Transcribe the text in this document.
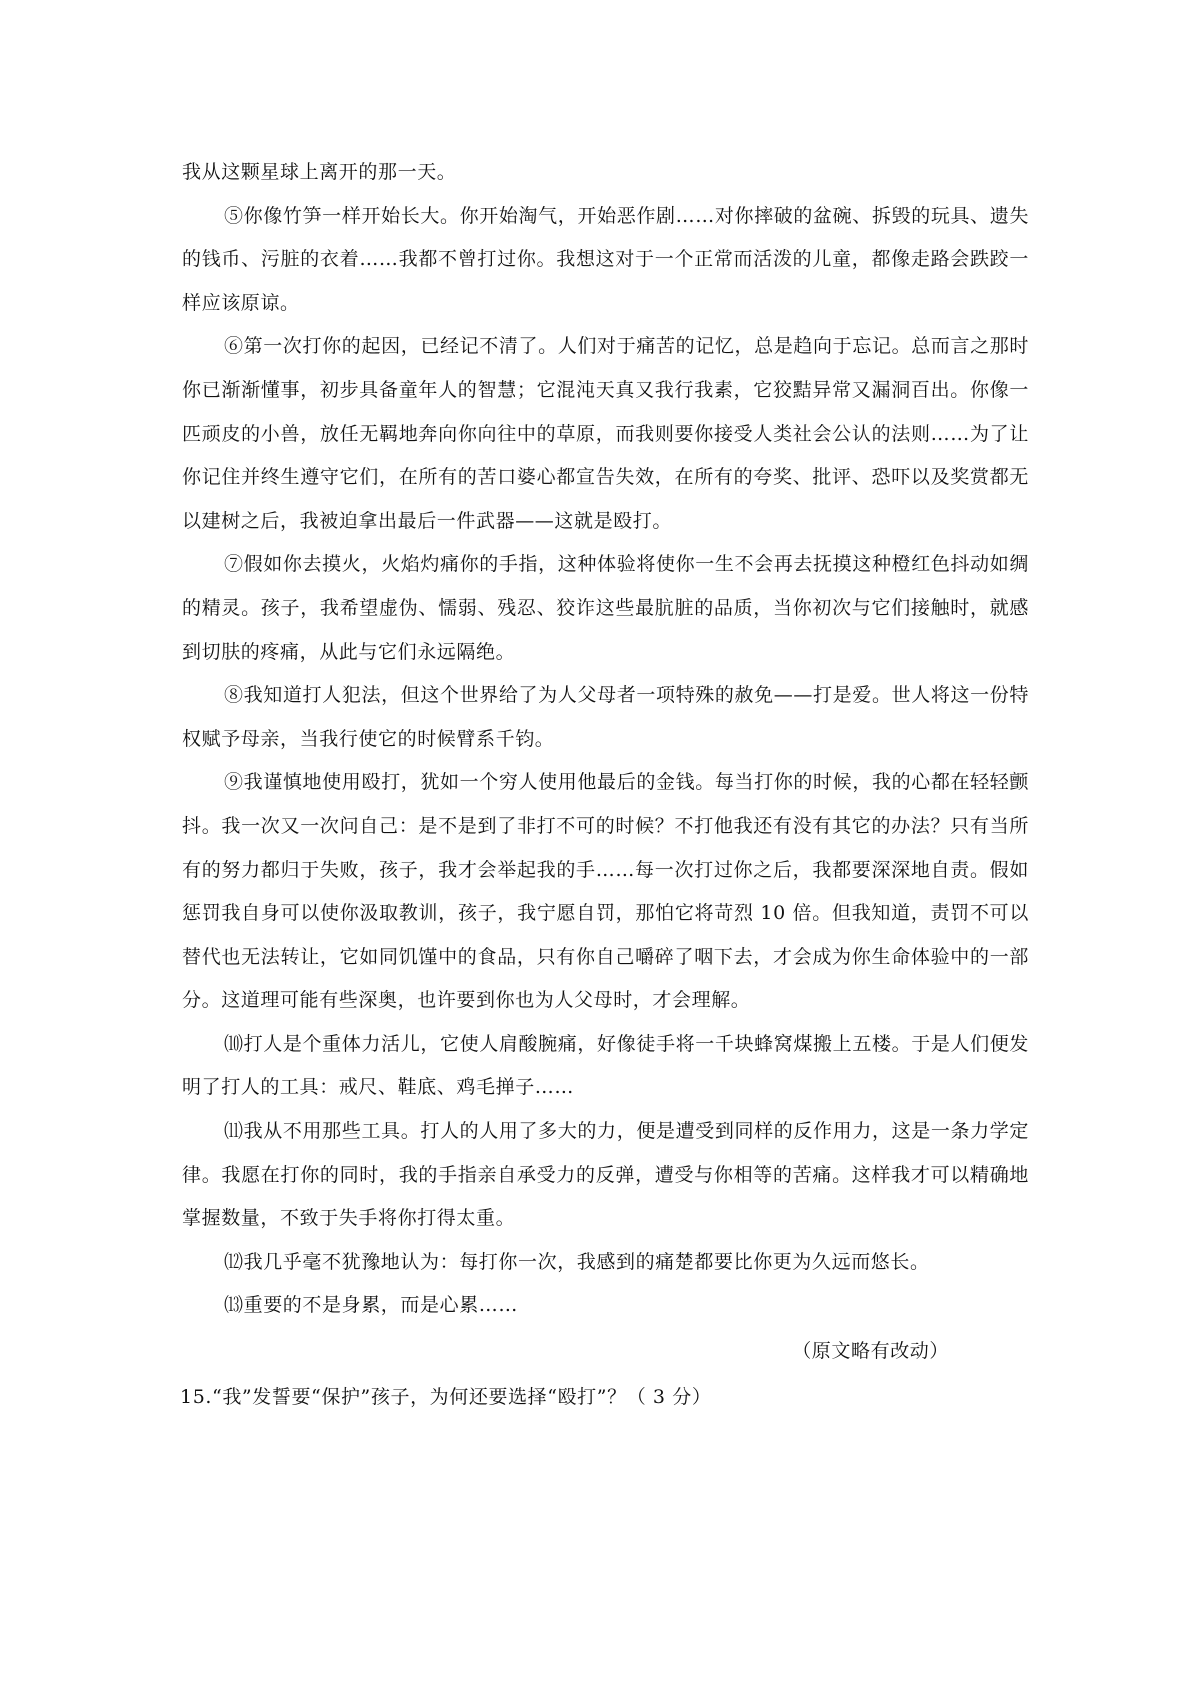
我从这颗星球上离开的那一天。

⑤你像竹笋一样开始长大。你开始淘气，开始恶作剧……对你摔破的盆碗、拆毁的玩具、遗失的钱币、污脏的衣着……我都不曾打过你。我想这对于一个正常而活泼的儿童，都像走路会跌跤一样应该原谅。

⑥第一次打你的起因，已经记不清了。人们对于痛苦的记忆，总是趋向于忘记。总而言之那时你已渐渐懂事，初步具备童年人的智慧；它混沌天真又我行我素，它狡黠异常又漏洞百出。你像一匹顽皮的小兽，放任无羁地奔向你向往中的草原，而我则要你接受人类社会公认的法则……为了让你记住并终生遵守它们，在所有的苦口婆心都宣告失效，在所有的夸奖、批评、恐吓以及奖赏都无以建树之后，我被迫拿出最后一件武器——这就是殴打。

⑦假如你去摸火，火焰灼痛你的手指，这种体验将使你一生不会再去抚摸这种橙红色抖动如绸的精灵。孩子，我希望虚伪、懦弱、残忍、狡诈这些最肮脏的品质，当你初次与它们接触时，就感到切肤的疼痛，从此与它们永远隔绝。

⑧我知道打人犯法，但这个世界给了为人父母者一项特殊的赦免——打是爱。世人将这一份特权赋予母亲，当我行使它的时候臂系千钧。

⑨我谨慎地使用殴打，犹如一个穷人使用他最后的金钱。每当打你的时候，我的心都在轻轻颤抖。我一次又一次问自己：是不是到了非打不可的时候？不打他我还有没有其它的办法？只有当所有的努力都归于失败，孩子，我才会举起我的手……每一次打过你之后，我都要深深地自责。假如惩罚我自身可以使你汲取教训，孩子，我宁愿自罚，那怕它将苛烈 10 倍。但我知道，责罚不可以替代也无法转让，它如同饥馑中的食品，只有你自己嚼碎了咽下去，才会成为你生命体验中的一部分。这道理可能有些深奥，也许要到你也为人父母时，才会理解。

⑽打人是个重体力活儿，它使人肩酸腕痛，好像徒手将一千块蜂窝煤搬上五楼。于是人们便发明了打人的工具：戒尺、鞋底、鸡毛掸子……

⑾我从不用那些工具。打人的人用了多大的力，便是遭受到同样的反作用力，这是一条力学定律。我愿在打你的同时，我的手指亲自承受力的反弹，遭受与你相等的苦痛。这样我才可以精确地掌握数量，不致于失手将你打得太重。

⑿我几乎毫不犹豫地认为：每打你一次，我感到的痛楚都要比你更为久远而悠长。

⒀重要的不是身累，而是心累……

（原文略有改动）

15.“我”发誓要“保护”孩子，为何还要选择“殴打”？（ 3 分）
